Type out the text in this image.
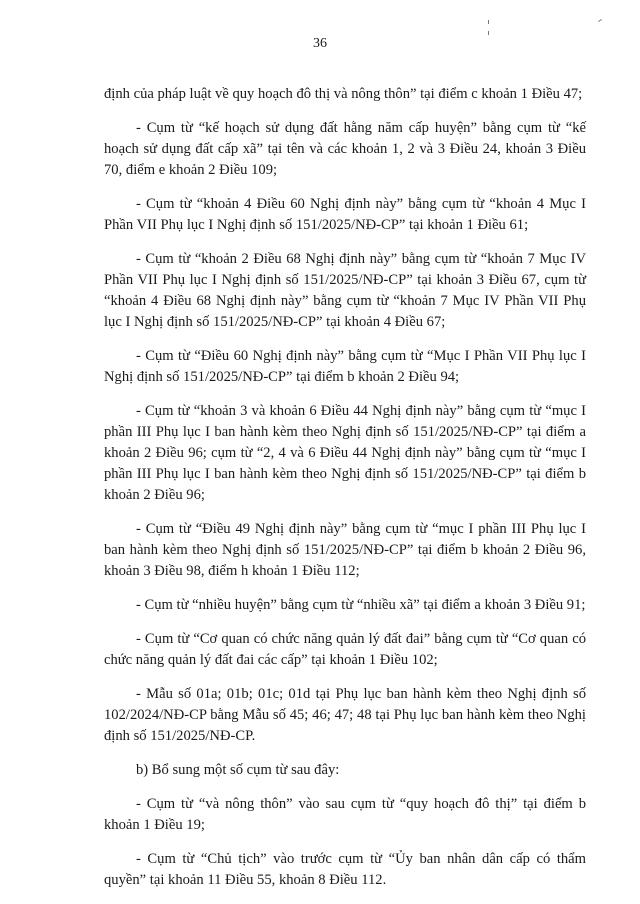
36

định của pháp luật về quy hoạch đô thị và nông thôn” tại điểm c khoản 1 Điều 47;

- Cụm từ “kế hoạch sử dụng đất hằng năm cấp huyện” bằng cụm từ “kế hoạch sử dụng đất cấp xã” tại tên và các khoản 1, 2 và 3 Điều 24, khoản 3 Điều 70, điểm e khoản 2 Điều 109;

- Cụm từ “khoản 4 Điều 60 Nghị định này” bằng cụm từ “khoản 4 Mục I Phần VII Phụ lục I Nghị định số 151/2025/NĐ-CP” tại khoản 1 Điều 61;

- Cụm từ “khoản 2 Điều 68 Nghị định này” bằng cụm từ “khoản 7 Mục IV Phần VII Phụ lục I Nghị định số 151/2025/NĐ-CP” tại khoản 3 Điều 67, cụm từ “khoản 4 Điều 68 Nghị định này” bằng cụm từ “khoản 7 Mục IV Phần VII Phụ lục I Nghị định số 151/2025/NĐ-CP” tại khoản 4 Điều 67;

- Cụm từ “Điều 60 Nghị định này” bằng cụm từ “Mục I Phần VII Phụ lục I Nghị định số 151/2025/NĐ-CP” tại điểm b khoản 2 Điều 94;

- Cụm từ “khoản 3 và khoản 6 Điều 44 Nghị định này” bằng cụm từ “mục I phần III Phụ lục I ban hành kèm theo Nghị định số 151/2025/NĐ-CP” tại điểm a khoản 2 Điều 96; cụm từ “2, 4 và 6 Điều 44 Nghị định này” bằng cụm từ “mục I phần III Phụ lục I ban hành kèm theo Nghị định số 151/2025/NĐ-CP” tại điểm b khoản 2 Điều 96;

- Cụm từ “Điều 49 Nghị định này” bằng cụm từ “mục I phần III Phụ lục I ban hành kèm theo Nghị định số 151/2025/NĐ-CP” tại điểm b khoản 2 Điều 96, khoản 3 Điều 98, điểm h khoản 1 Điều 112;

- Cụm từ “nhiều huyện” bằng cụm từ “nhiều xã” tại điểm a khoản 3 Điều 91;

- Cụm từ “Cơ quan có chức năng quản lý đất đai” bằng cụm từ “Cơ quan có chức năng quản lý đất đai các cấp” tại khoản 1 Điều 102;

- Mẫu số 01a; 01b; 01c; 01d tại Phụ lục ban hành kèm theo Nghị định số 102/2024/NĐ-CP bằng Mẫu số 45; 46; 47; 48 tại Phụ lục ban hành kèm theo Nghị định số 151/2025/NĐ-CP.

b) Bổ sung một số cụm từ sau đây:

- Cụm từ “và nông thôn” vào sau cụm từ “quy hoạch đô thị” tại điểm b khoản 1 Điều 19;

- Cụm từ “Chủ tịch” vào trước cụm từ “Ủy ban nhân dân cấp có thẩm quyền” tại khoản 11 Điều 55, khoản 8 Điều 112.
